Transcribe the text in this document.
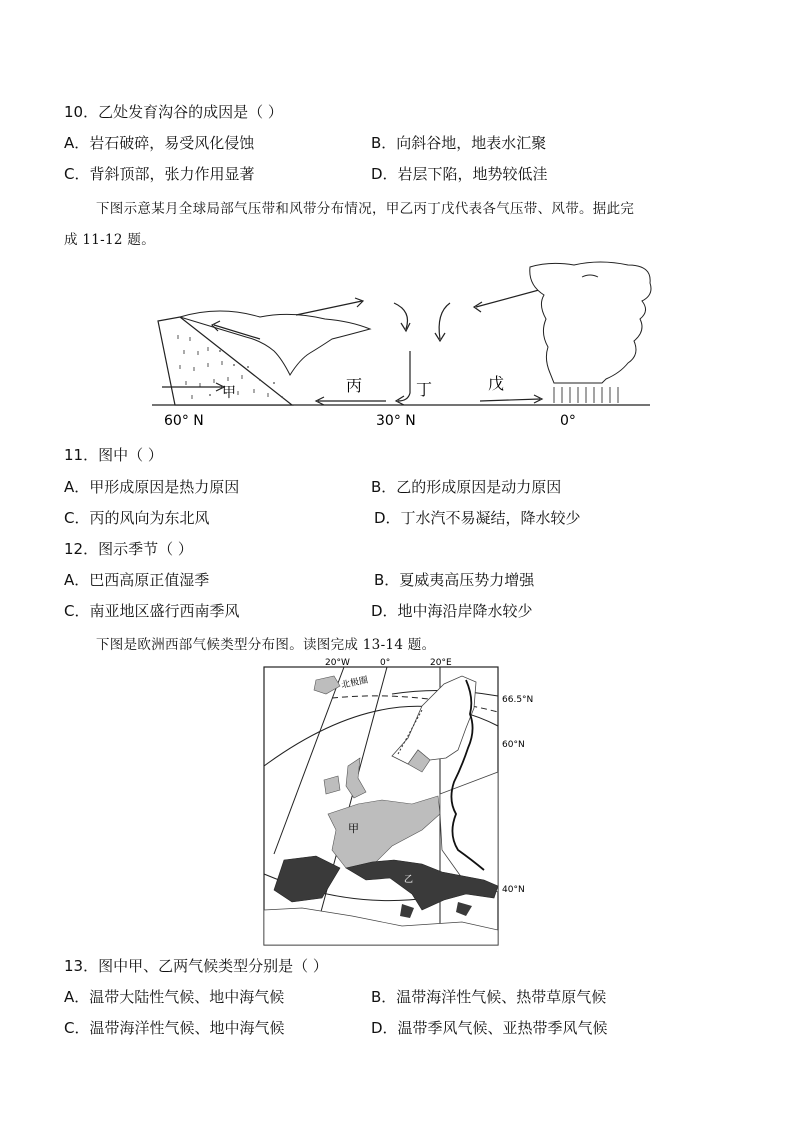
10．乙处发育沟谷的成因是（ ）
A．岩石破碎，易受风化侵蚀	B．向斜谷地，地表水汇聚
C．背斜顶部，张力作用显著	D．岩层下陷，地势较低洼
下图示意某月全球局部气压带和风带分布情况，甲乙丙丁戊代表各气压带、风带。据此完
成 11-12 题。
甲	丙	丁	戊
60° N	30° N	0°
11．图中（ ）
A．甲形成原因是热力原因	B．乙的形成原因是动力原因
C．丙的风向为东北风	D．丁水汽不易凝结，降水较少
12．图示季节（ ）
A．巴西高原正值湿季	B．夏威夷高压势力增强
C．南亚地区盛行西南季风	D．地中海沿岸降水较少
下图是欧洲西部气候类型分布图。读图完成 13-14 题。
20°W	0°	20°E
66.5°N
60°N
40°N
北极圈
甲
乙
13．图中甲、乙两气候类型分别是（ ）
A．温带大陆性气候、地中海气候	B．温带海洋性气候、热带草原气候
C．温带海洋性气候、地中海气候	D．温带季风气候、亚热带季风气候
